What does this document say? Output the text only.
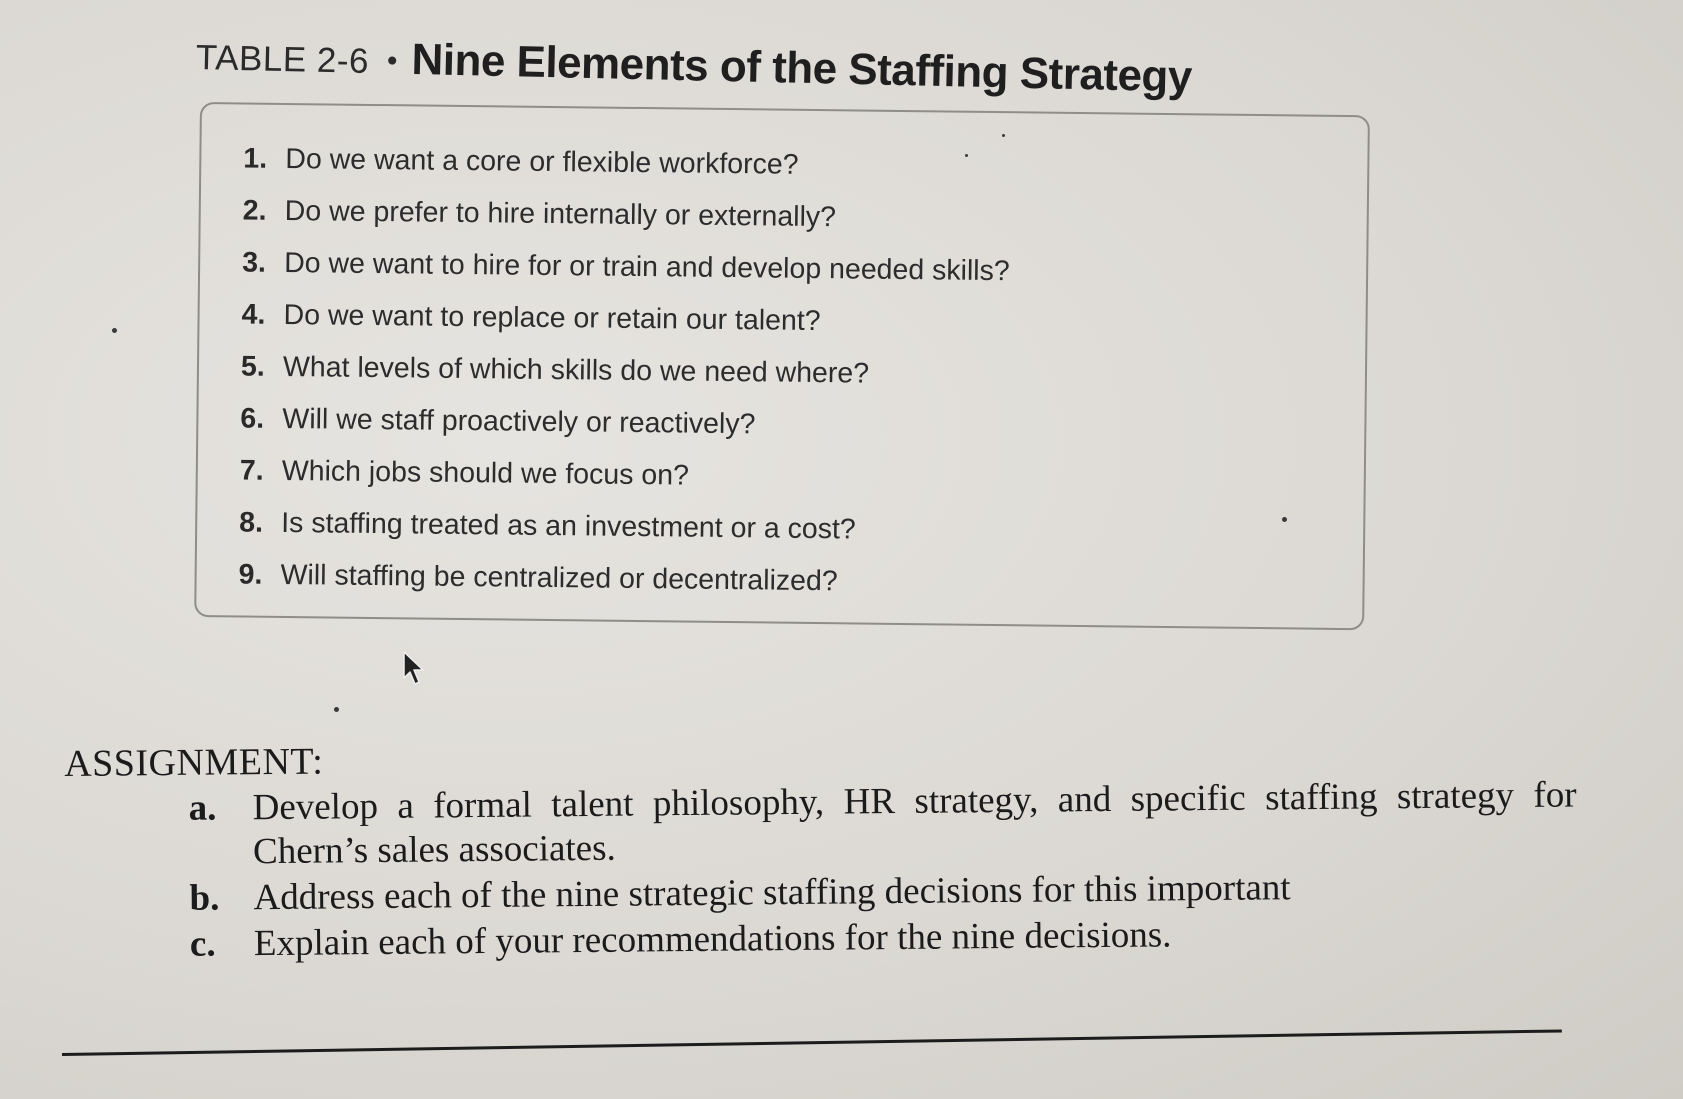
TABLE 2-6 • Nine Elements of the Staffing Strategy
1. Do we want a core or flexible workforce?
2. Do we prefer to hire internally or externally?
3. Do we want to hire for or train and develop needed skills?
4. Do we want to replace or retain our talent?
5. What levels of which skills do we need where?
6. Will we staff proactively or reactively?
7. Which jobs should we focus on?
8. Is staffing treated as an investment or a cost?
9. Will staffing be centralized or decentralized?
ASSIGNMENT:
a. Develop a formal talent philosophy, HR strategy, and specific staffing strategy for Chern’s sales associates.
b. Address each of the nine strategic staffing decisions for this important
c. Explain each of your recommendations for the nine decisions.
